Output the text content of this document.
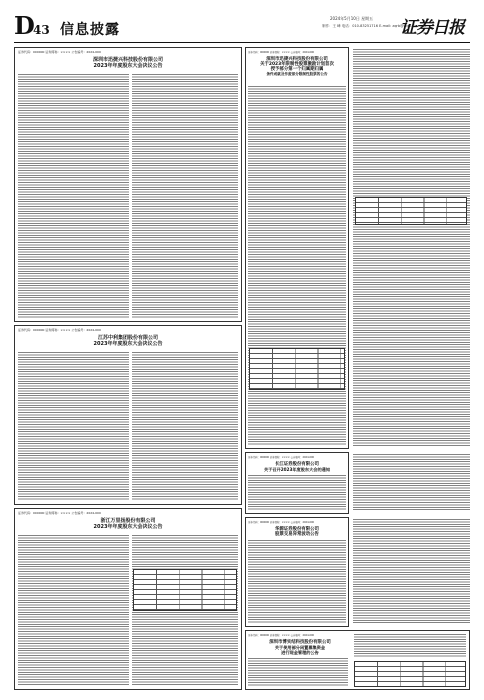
D
43 信息披露
2024年5月10日 星期五
制作：王 峰 电话：010-83251716 E-mail: zqrb@zqrb.sina.net
证券日报
证券代码：000000 证券简称：×××× 公告编号：2024-000
深圳市迅捷兴科技股份有限公司
2023年年度股东大会决议公告
证券代码：000000 证券简称：×××× 公告编号：2024-000
江苏中利集团股份有限公司
2023年年度股东大会决议公告
证券代码：000000 证券简称：×××× 公告编号：2024-000
浙江万里扬股份有限公司
2023年年度股东大会决议公告
证券代码：000000 证券简称：×××× 公告编号：2024-000
深圳市迅捷兴科技股份有限公司
关于2023年限制性股票激励计划首次
授予部分第一个归属期归属
条件成就及作废部分限制性股票的公告
证券代码：000000 证券简称：×××× 公告编号：2024-000
长江证券股份有限公司
关于召开2023年度股东大会的通知
证券代码：000000 证券简称：×××× 公告编号：2024-000
华源证券股份有限公司
股票交易异常波动公告
证券代码：000000 证券简称：×××× 公告编号：2024-000
深圳市博实结科技股份有限公司
关于使用部分闲置募集资金
进行现金管理的公告
